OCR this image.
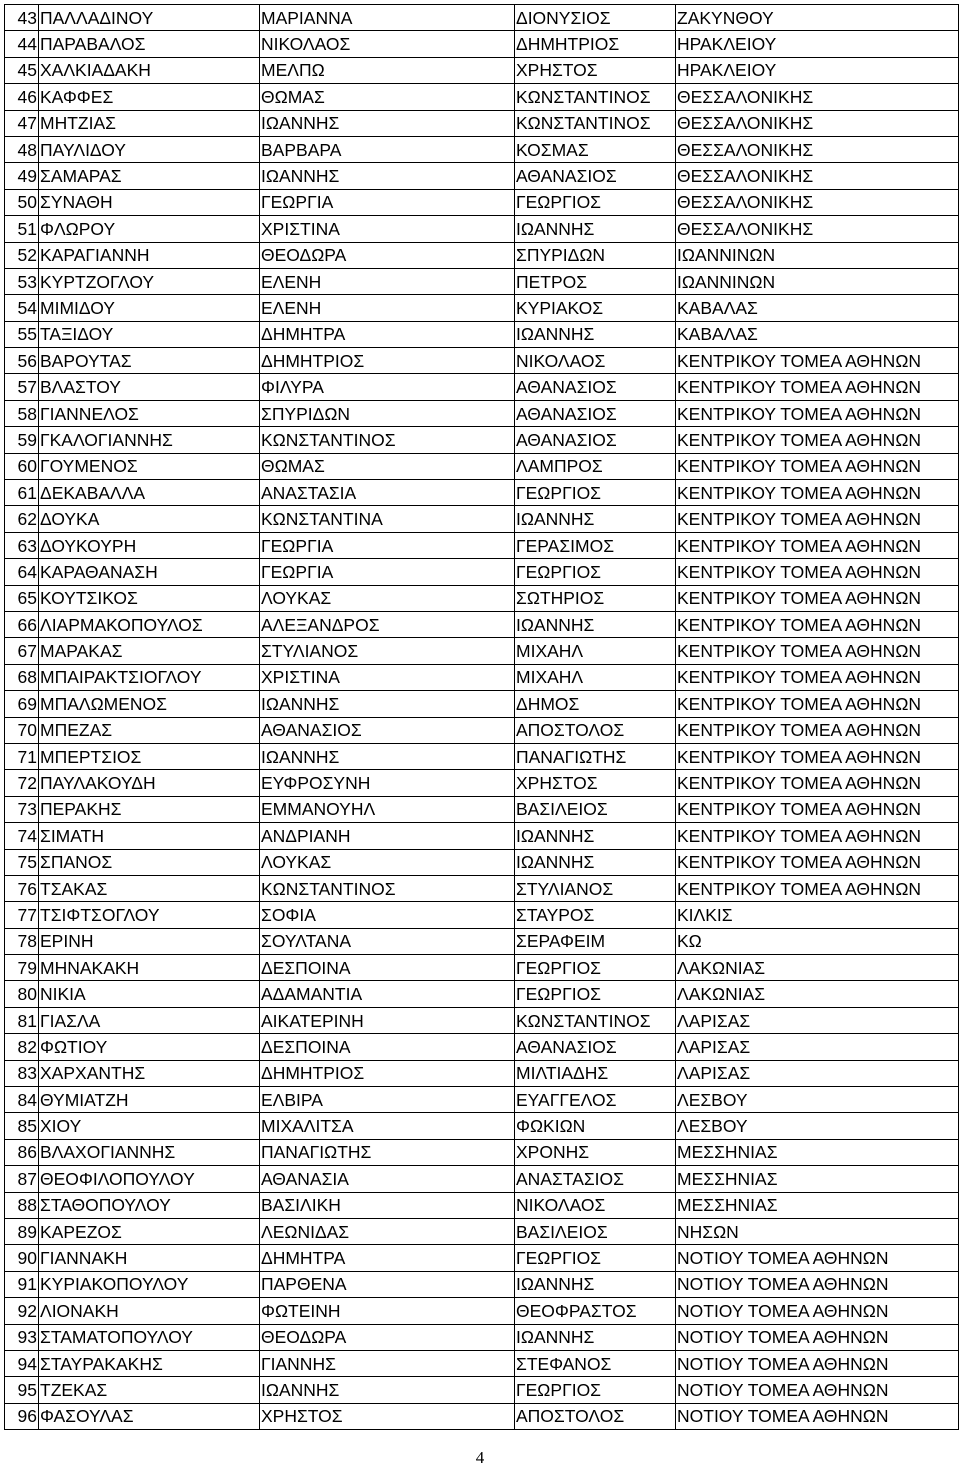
43	ΠΑΛΛΑΔΙΝΟΥ	ΜΑΡΙΑΝΝΑ	ΔΙΟΝΥΣΙΟΣ	ΖΑΚΥΝΘΟΥ
44	ΠΑΡΑΒΑΛΟΣ	ΝΙΚΟΛΑΟΣ	ΔΗΜΗΤΡΙΟΣ	ΗΡΑΚΛΕΙΟΥ
45	ΧΑΛΚΙΑΔΑΚΗ	ΜΕΛΠΩ	ΧΡΗΣΤΟΣ	ΗΡΑΚΛΕΙΟΥ
46	ΚΑΦΦΕΣ	ΘΩΜΑΣ	ΚΩΝΣΤΑΝΤΙΝΟΣ	ΘΕΣΣΑΛΟΝΙΚΗΣ
47	ΜΗΤΖΙΑΣ	ΙΩΑΝΝΗΣ	ΚΩΝΣΤΑΝΤΙΝΟΣ	ΘΕΣΣΑΛΟΝΙΚΗΣ
48	ΠΑΥΛΙΔΟΥ	ΒΑΡΒΑΡΑ	ΚΟΣΜΑΣ	ΘΕΣΣΑΛΟΝΙΚΗΣ
49	ΣΑΜΑΡΑΣ	ΙΩΑΝΝΗΣ	ΑΘΑΝΑΣΙΟΣ	ΘΕΣΣΑΛΟΝΙΚΗΣ
50	ΣΥΝΑΘΗ	ΓΕΩΡΓΙΑ	ΓΕΩΡΓΙΟΣ	ΘΕΣΣΑΛΟΝΙΚΗΣ
51	ΦΛΩΡΟΥ	ΧΡΙΣΤΙΝΑ	ΙΩΑΝΝΗΣ	ΘΕΣΣΑΛΟΝΙΚΗΣ
52	ΚΑΡΑΓΙΑΝΝΗ	ΘΕΟΔΩΡΑ	ΣΠΥΡΙΔΩΝ	ΙΩΑΝΝΙΝΩΝ
53	ΚΥΡΤΖΟΓΛΟΥ	ΕΛΕΝΗ	ΠΕΤΡΟΣ	ΙΩΑΝΝΙΝΩΝ
54	ΜΙΜΙΔΟΥ	ΕΛΕΝΗ	ΚΥΡΙΑΚΟΣ	ΚΑΒΑΛΑΣ
55	ΤΑΞΙΔΟΥ	ΔΗΜΗΤΡΑ	ΙΩΑΝΝΗΣ	ΚΑΒΑΛΑΣ
56	ΒΑΡΟΥΤΑΣ	ΔΗΜΗΤΡΙΟΣ	ΝΙΚΟΛΑΟΣ	ΚΕΝΤΡΙΚΟΥ ΤΟΜΕΑ ΑΘΗΝΩΝ
57	ΒΛΑΣΤΟΥ	ΦΙΛΥΡΑ	ΑΘΑΝΑΣΙΟΣ	ΚΕΝΤΡΙΚΟΥ ΤΟΜΕΑ ΑΘΗΝΩΝ
58	ΓΙΑΝΝΕΛΟΣ	ΣΠΥΡΙΔΩΝ	ΑΘΑΝΑΣΙΟΣ	ΚΕΝΤΡΙΚΟΥ ΤΟΜΕΑ ΑΘΗΝΩΝ
59	ΓΚΑΛΟΓΙΑΝΝΗΣ	ΚΩΝΣΤΑΝΤΙΝΟΣ	ΑΘΑΝΑΣΙΟΣ	ΚΕΝΤΡΙΚΟΥ ΤΟΜΕΑ ΑΘΗΝΩΝ
60	ΓΟΥΜΕΝΟΣ	ΘΩΜΑΣ	ΛΑΜΠΡΟΣ	ΚΕΝΤΡΙΚΟΥ ΤΟΜΕΑ ΑΘΗΝΩΝ
61	ΔΕΚΑΒΑΛΛΑ	ΑΝΑΣΤΑΣΙΑ	ΓΕΩΡΓΙΟΣ	ΚΕΝΤΡΙΚΟΥ ΤΟΜΕΑ ΑΘΗΝΩΝ
62	ΔΟΥΚΑ	ΚΩΝΣΤΑΝΤΙΝΑ	ΙΩΑΝΝΗΣ	ΚΕΝΤΡΙΚΟΥ ΤΟΜΕΑ ΑΘΗΝΩΝ
63	ΔΟΥΚΟΥΡΗ	ΓΕΩΡΓΙΑ	ΓΕΡΑΣΙΜΟΣ	ΚΕΝΤΡΙΚΟΥ ΤΟΜΕΑ ΑΘΗΝΩΝ
64	ΚΑΡΑΘΑΝΑΣΗ	ΓΕΩΡΓΙΑ	ΓΕΩΡΓΙΟΣ	ΚΕΝΤΡΙΚΟΥ ΤΟΜΕΑ ΑΘΗΝΩΝ
65	ΚΟΥΤΣΙΚΟΣ	ΛΟΥΚΑΣ	ΣΩΤΗΡΙΟΣ	ΚΕΝΤΡΙΚΟΥ ΤΟΜΕΑ ΑΘΗΝΩΝ
66	ΛΙΑΡΜΑΚΟΠΟΥΛΟΣ	ΑΛΕΞΑΝΔΡΟΣ	ΙΩΑΝΝΗΣ	ΚΕΝΤΡΙΚΟΥ ΤΟΜΕΑ ΑΘΗΝΩΝ
67	ΜΑΡΑΚΑΣ	ΣΤΥΛΙΑΝΟΣ	ΜΙΧΑΗΛ	ΚΕΝΤΡΙΚΟΥ ΤΟΜΕΑ ΑΘΗΝΩΝ
68	ΜΠΑΙΡΑΚΤΣΙΟΓΛΟΥ	ΧΡΙΣΤΙΝΑ	ΜΙΧΑΗΛ	ΚΕΝΤΡΙΚΟΥ ΤΟΜΕΑ ΑΘΗΝΩΝ
69	ΜΠΑΛΩΜΕΝΟΣ	ΙΩΑΝΝΗΣ	ΔΗΜΟΣ	ΚΕΝΤΡΙΚΟΥ ΤΟΜΕΑ ΑΘΗΝΩΝ
70	ΜΠΕΖΑΣ	ΑΘΑΝΑΣΙΟΣ	ΑΠΟΣΤΟΛΟΣ	ΚΕΝΤΡΙΚΟΥ ΤΟΜΕΑ ΑΘΗΝΩΝ
71	ΜΠΕΡΤΣΙΟΣ	ΙΩΑΝΝΗΣ	ΠΑΝΑΓΙΩΤΗΣ	ΚΕΝΤΡΙΚΟΥ ΤΟΜΕΑ ΑΘΗΝΩΝ
72	ΠΑΥΛΑΚΟΥΔΗ	ΕΥΦΡΟΣΥΝΗ	ΧΡΗΣΤΟΣ	ΚΕΝΤΡΙΚΟΥ ΤΟΜΕΑ ΑΘΗΝΩΝ
73	ΠΕΡΑΚΗΣ	ΕΜΜΑΝΟΥΗΛ	ΒΑΣΙΛΕΙΟΣ	ΚΕΝΤΡΙΚΟΥ ΤΟΜΕΑ ΑΘΗΝΩΝ
74	ΣΙΜΑΤΗ	ΑΝΔΡΙΑΝΗ	ΙΩΑΝΝΗΣ	ΚΕΝΤΡΙΚΟΥ ΤΟΜΕΑ ΑΘΗΝΩΝ
75	ΣΠΑΝΟΣ	ΛΟΥΚΑΣ	ΙΩΑΝΝΗΣ	ΚΕΝΤΡΙΚΟΥ ΤΟΜΕΑ ΑΘΗΝΩΝ
76	ΤΣΑΚΑΣ	ΚΩΝΣΤΑΝΤΙΝΟΣ	ΣΤΥΛΙΑΝΟΣ	ΚΕΝΤΡΙΚΟΥ ΤΟΜΕΑ ΑΘΗΝΩΝ
77	ΤΣΙΦΤΣΟΓΛΟΥ	ΣΟΦΙΑ	ΣΤΑΥΡΟΣ	ΚΙΛΚΙΣ
78	ΕΡΙΝΗ	ΣΟΥΛΤΑΝΑ	ΣΕΡΑΦΕΙΜ	ΚΩ
79	ΜΗΝΑΚΑΚΗ	ΔΕΣΠΟΙΝΑ	ΓΕΩΡΓΙΟΣ	ΛΑΚΩΝΙΑΣ
80	ΝΙΚΙΑ	ΑΔΑΜΑΝΤΙΑ	ΓΕΩΡΓΙΟΣ	ΛΑΚΩΝΙΑΣ
81	ΓΙΑΣΛΑ	ΑΙΚΑΤΕΡΙΝΗ	ΚΩΝΣΤΑΝΤΙΝΟΣ	ΛΑΡΙΣΑΣ
82	ΦΩΤΙΟΥ	ΔΕΣΠΟΙΝΑ	ΑΘΑΝΑΣΙΟΣ	ΛΑΡΙΣΑΣ
83	ΧΑΡΧΑΝΤΗΣ	ΔΗΜΗΤΡΙΟΣ	ΜΙΛΤΙΑΔΗΣ	ΛΑΡΙΣΑΣ
84	ΘΥΜΙΑΤΖΗ	ΕΛΒΙΡΑ	ΕΥΑΓΓΕΛΟΣ	ΛΕΣΒΟΥ
85	ΧΙΟΥ	ΜΙΧΑΛΙΤΣΑ	ΦΩΚΙΩΝ	ΛΕΣΒΟΥ
86	ΒΛΑΧΟΓΙΑΝΝΗΣ	ΠΑΝΑΓΙΩΤΗΣ	ΧΡΟΝΗΣ	ΜΕΣΣΗΝΙΑΣ
87	ΘΕΟΦΙΛΟΠΟΥΛΟΥ	ΑΘΑΝΑΣΙΑ	ΑΝΑΣΤΑΣΙΟΣ	ΜΕΣΣΗΝΙΑΣ
88	ΣΤΑΘΟΠΟΥΛΟΥ	ΒΑΣΙΛΙΚΗ	ΝΙΚΟΛΑΟΣ	ΜΕΣΣΗΝΙΑΣ
89	ΚΑΡΕΖΟΣ	ΛΕΩΝΙΔΑΣ	ΒΑΣΙΛΕΙΟΣ	ΝΗΣΩΝ
90	ΓΙΑΝΝΑΚΗ	ΔΗΜΗΤΡΑ	ΓΕΩΡΓΙΟΣ	ΝΟΤΙΟΥ ΤΟΜΕΑ ΑΘΗΝΩΝ
91	ΚΥΡΙΑΚΟΠΟΥΛΟΥ	ΠΑΡΘΕΝΑ	ΙΩΑΝΝΗΣ	ΝΟΤΙΟΥ ΤΟΜΕΑ ΑΘΗΝΩΝ
92	ΛΙΟΝΑΚΗ	ΦΩΤΕΙΝΗ	ΘΕΟΦΡΑΣΤΟΣ	ΝΟΤΙΟΥ ΤΟΜΕΑ ΑΘΗΝΩΝ
93	ΣΤΑΜΑΤΟΠΟΥΛΟΥ	ΘΕΟΔΩΡΑ	ΙΩΑΝΝΗΣ	ΝΟΤΙΟΥ ΤΟΜΕΑ ΑΘΗΝΩΝ
94	ΣΤΑΥΡΑΚΑΚΗΣ	ΓΙΑΝΝΗΣ	ΣΤΕΦΑΝΟΣ	ΝΟΤΙΟΥ ΤΟΜΕΑ ΑΘΗΝΩΝ
95	ΤΖΕΚΑΣ	ΙΩΑΝΝΗΣ	ΓΕΩΡΓΙΟΣ	ΝΟΤΙΟΥ ΤΟΜΕΑ ΑΘΗΝΩΝ
96	ΦΑΣΟΥΛΑΣ	ΧΡΗΣΤΟΣ	ΑΠΟΣΤΟΛΟΣ	ΝΟΤΙΟΥ ΤΟΜΕΑ ΑΘΗΝΩΝ
4
